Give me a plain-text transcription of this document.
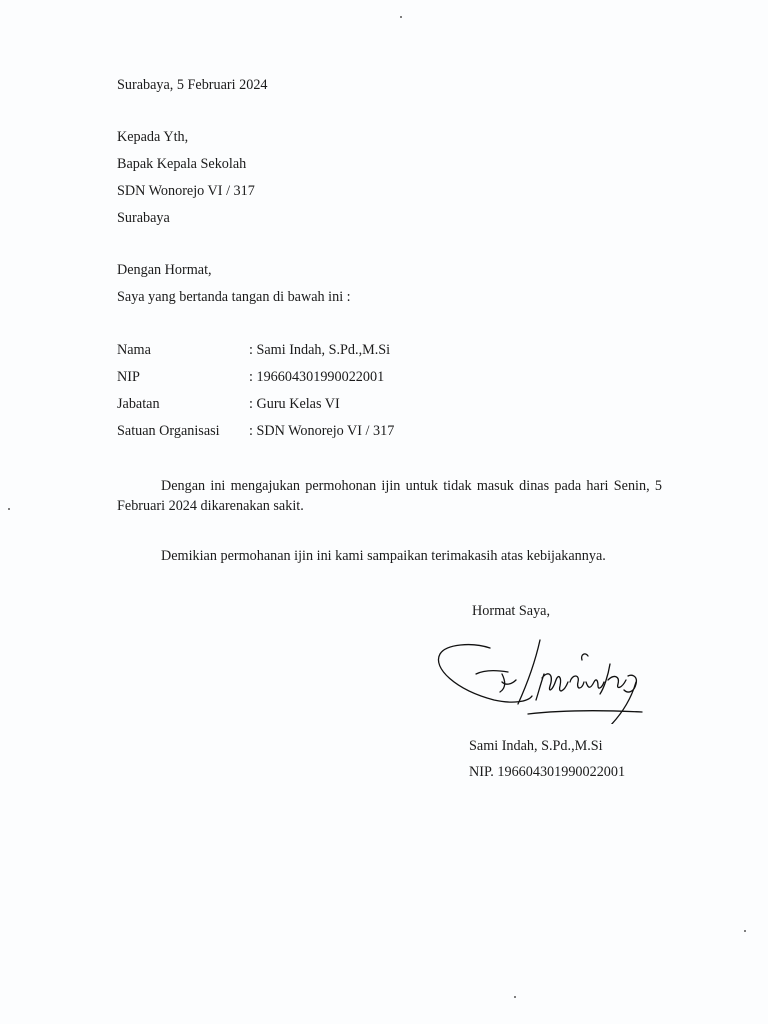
Surabaya, 5 Februari 2024
Kepada Yth,
Bapak Kepala Sekolah
SDN Wonorejo VI / 317
Surabaya
Dengan Hormat,
Saya yang bertanda tangan di bawah ini :
Nama	: Sami Indah, S.Pd.,M.Si
NIP	: 196604301990022001
Jabatan	: Guru Kelas VI
Satuan Organisasi : SDN Wonorejo VI / 317

Dengan ini mengajukan permohonan ijin untuk tidak masuk dinas pada hari Senin, 5 Februari 2024 dikarenakan sakit.

Demikian permohanan ijin ini kami sampaikan terimakasih atas kebijakannya.

Hormat Saya,
Sami Indah, S.Pd.,M.Si
NIP. 196604301990022001
